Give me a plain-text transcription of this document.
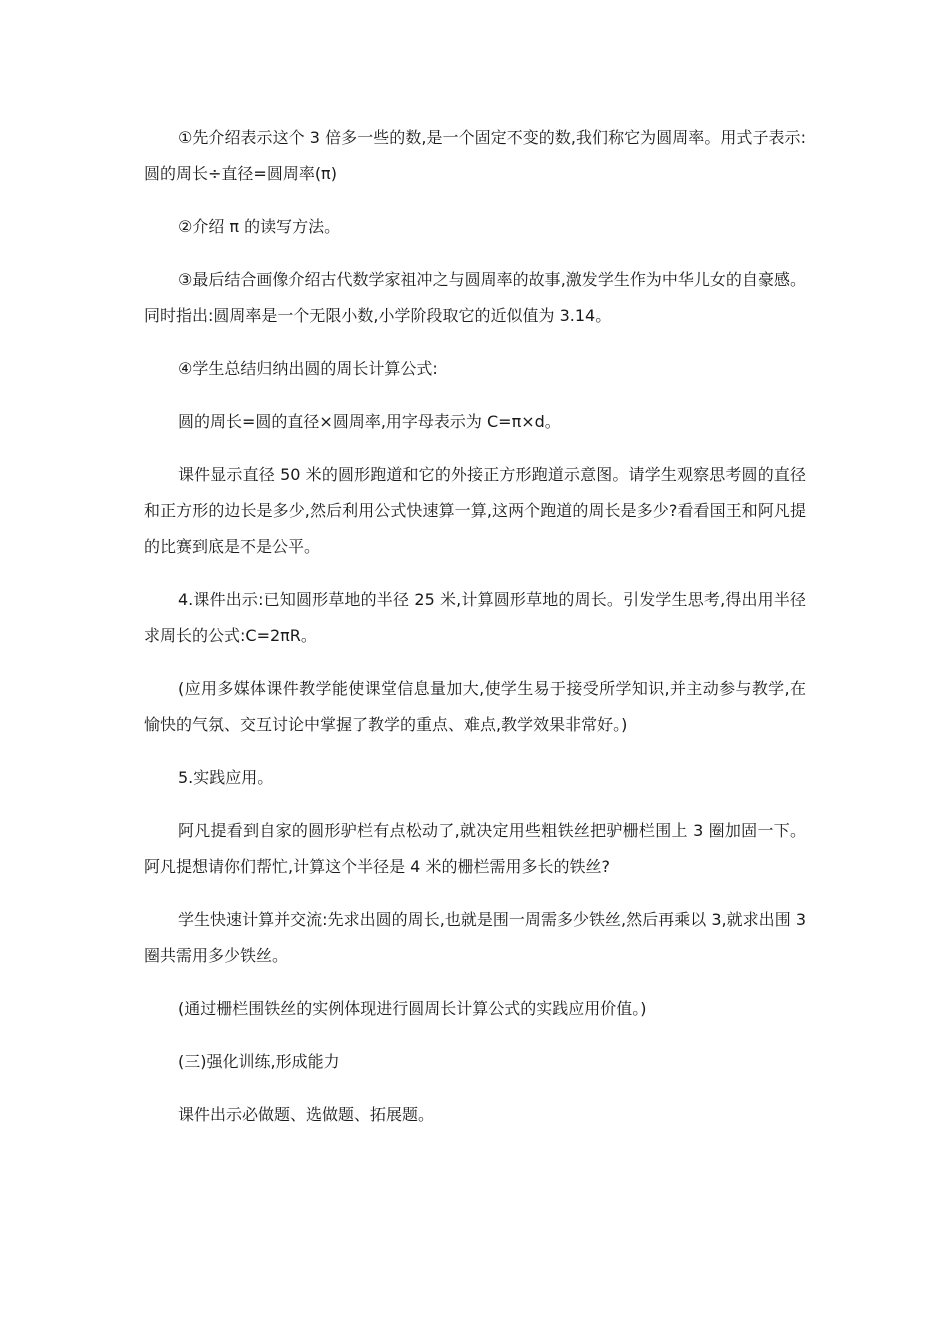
①先介绍表示这个 3 倍多一些的数,是一个固定不变的数,我们称它为圆周率。用式子表示:圆的周长÷直径=圆周率(π)

②介绍 π 的读写方法。

③最后结合画像介绍古代数学家祖冲之与圆周率的故事,激发学生作为中华儿女的自豪感。同时指出:圆周率是一个无限小数,小学阶段取它的近似值为 3.14。

④学生总结归纳出圆的周长计算公式:

圆的周长=圆的直径×圆周率,用字母表示为 C=π×d。

课件显示直径 50 米的圆形跑道和它的外接正方形跑道示意图。请学生观察思考圆的直径和正方形的边长是多少,然后利用公式快速算一算,这两个跑道的周长是多少?看看国王和阿凡提的比赛到底是不是公平。

4.课件出示:已知圆形草地的半径 25 米,计算圆形草地的周长。引发学生思考,得出用半径求周长的公式:C=2πR。

(应用多媒体课件教学能使课堂信息量加大,使学生易于接受所学知识,并主动参与教学,在愉快的气氛、交互讨论中掌握了教学的重点、难点,教学效果非常好。)

5.实践应用。

阿凡提看到自家的圆形驴栏有点松动了,就决定用些粗铁丝把驴栅栏围上 3 圈加固一下。阿凡提想请你们帮忙,计算这个半径是 4 米的栅栏需用多长的铁丝?

学生快速计算并交流:先求出圆的周长,也就是围一周需多少铁丝,然后再乘以 3,就求出围 3 圈共需用多少铁丝。

(通过栅栏围铁丝的实例体现进行圆周长计算公式的实践应用价值。)

(三)强化训练,形成能力

课件出示必做题、选做题、拓展题。
